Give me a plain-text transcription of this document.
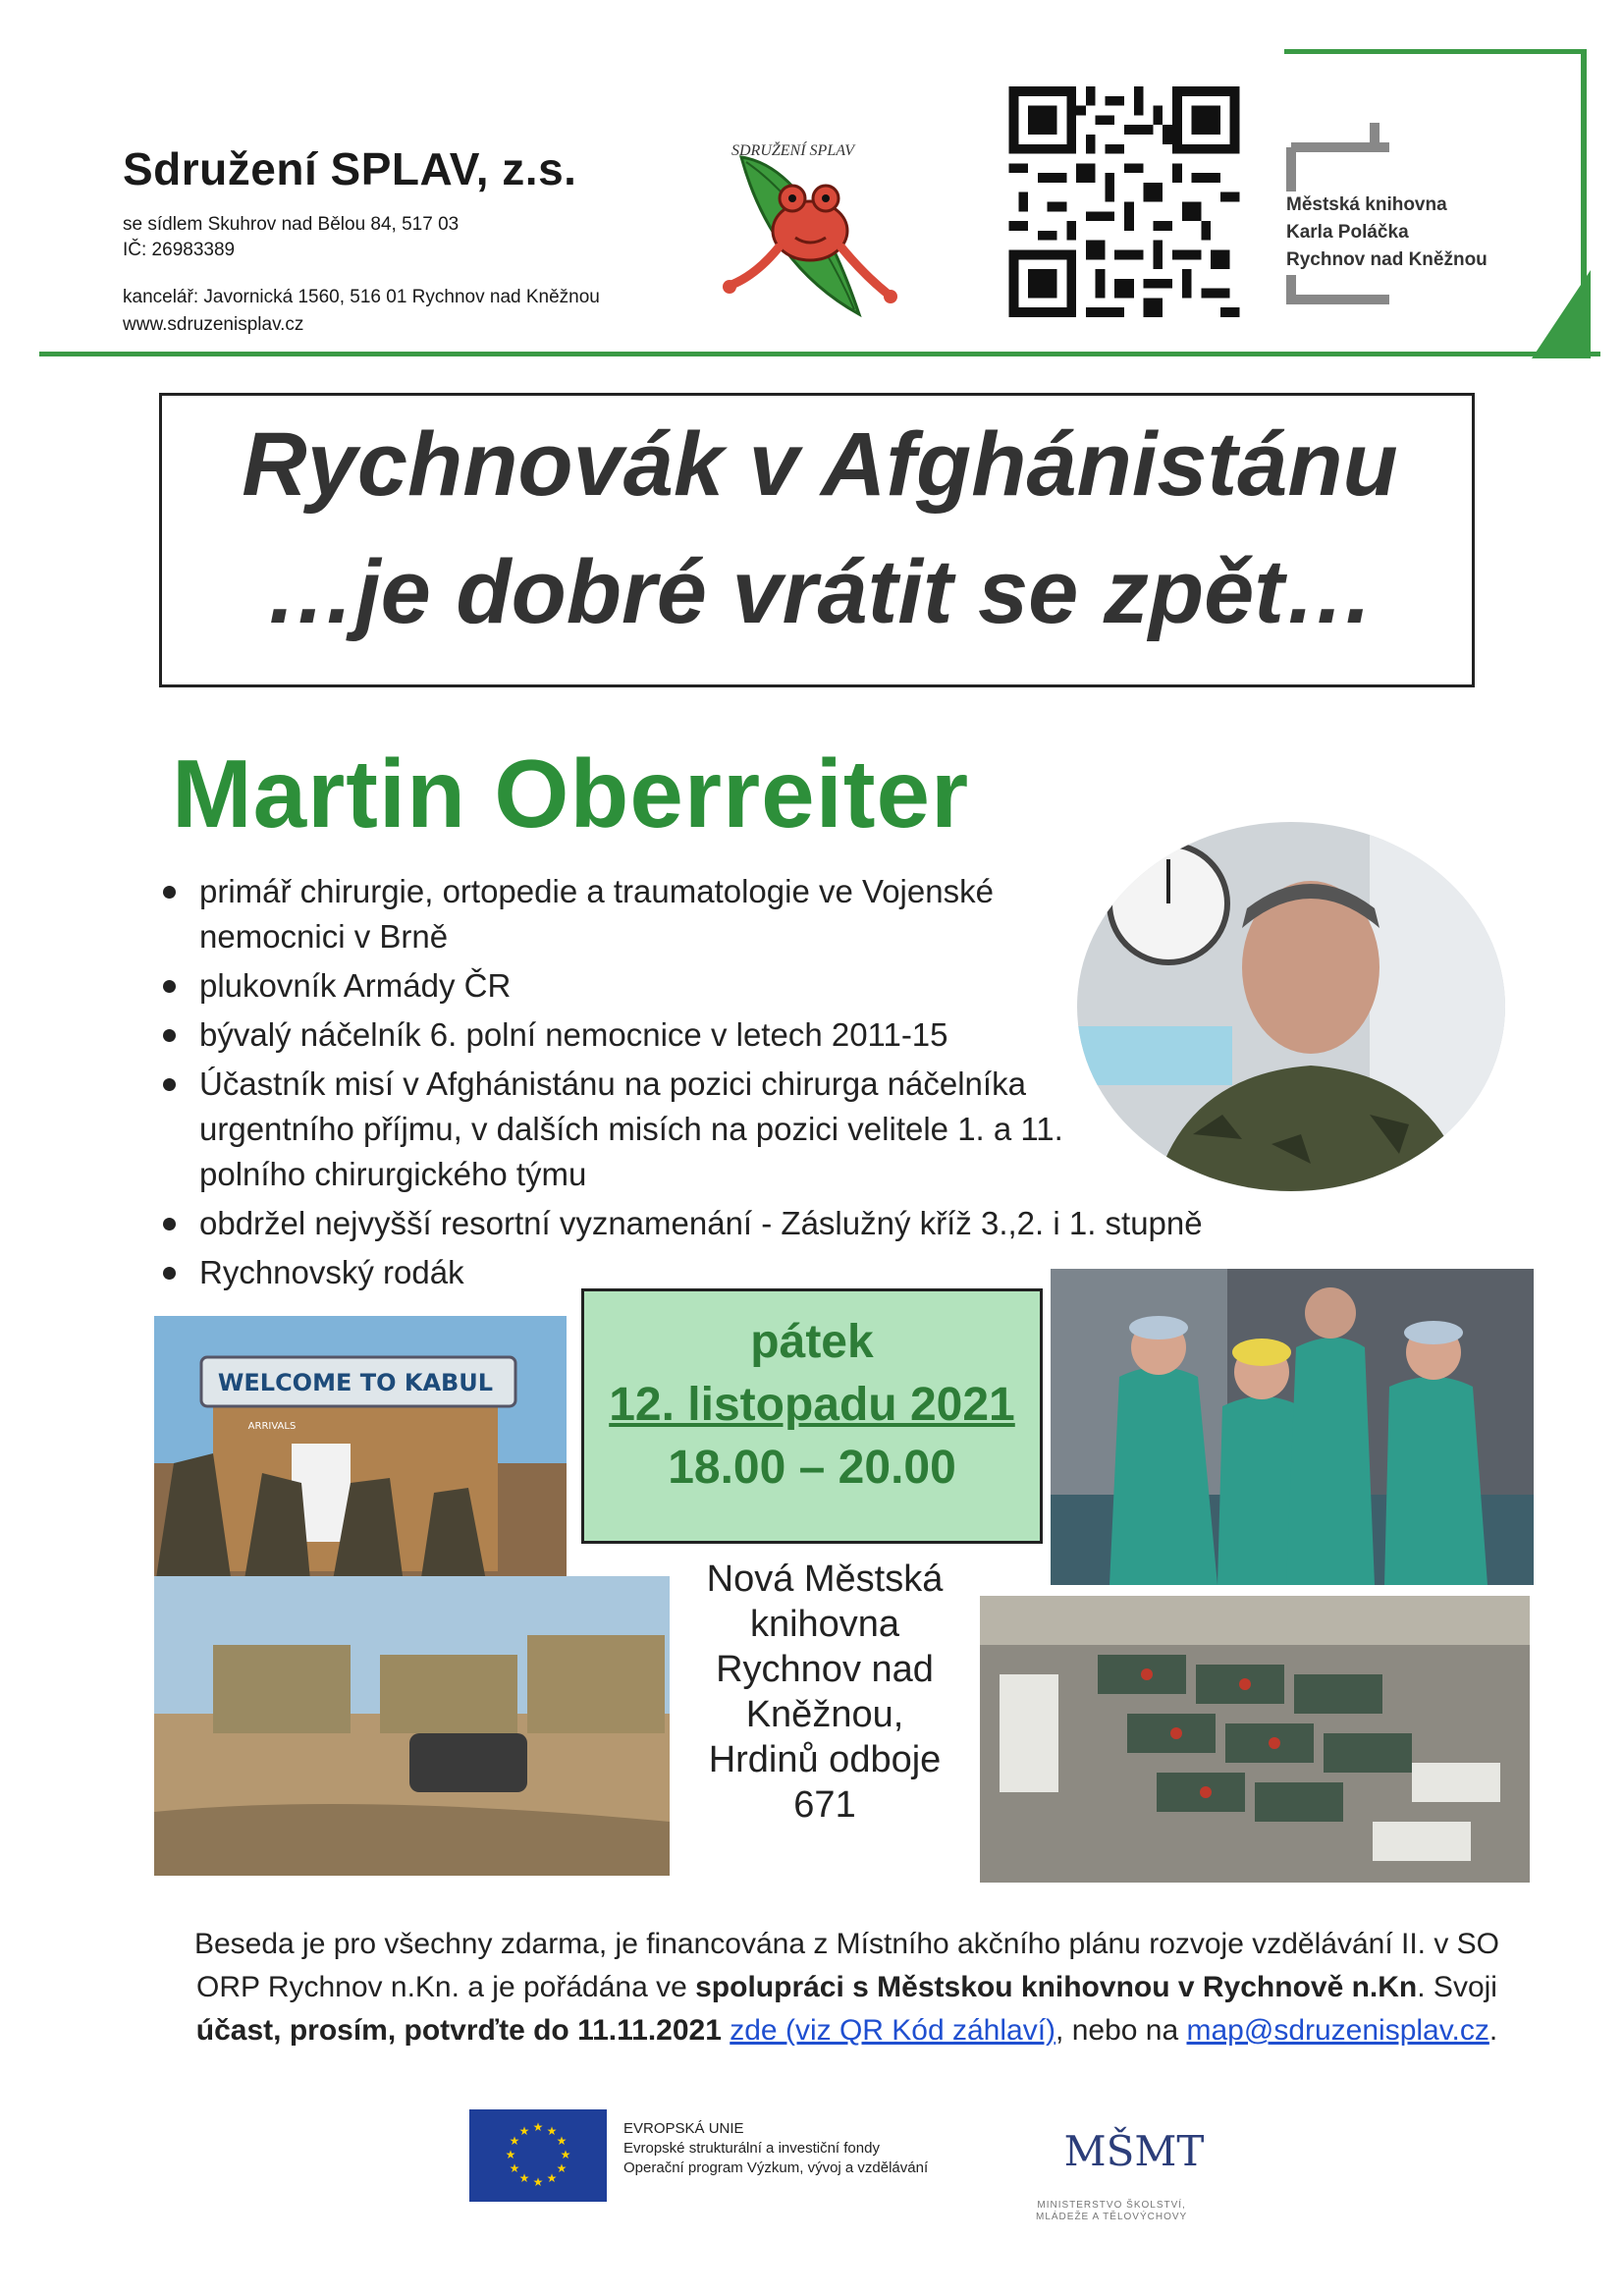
Sdružení SPLAV, z.s.
se sídlem Skuhrov nad Bělou 84, 517 03
IČ: 26983389
kancelář: Javornická 1560, 516 01 Rychnov nad Kněžnou
www.sdruzenisplav.cz
SDRUŽENÍ SPLAV
Městská knihovna
Karla Poláčka
Rychnov nad Kněžnou
Rychnovák v Afghánistánu
…je dobré vrátit se zpět…
Martin Oberreiter
primář chirurgie, ortopedie a traumatologie ve Vojenské nemocnici v Brně
plukovník Armády ČR
bývalý náčelník 6. polní nemocnice v letech 2011-15
Účastník misí v Afghánistánu na pozici chirurga náčelníka urgentního příjmu, v dalších misích na pozici velitele 1. a 11. polního chirurgického týmu
obdržel nejvyšší resortní vyznamenání - Záslužný kříž 3.,2. i 1. stupně
Rychnovský rodák
WELCOME TO KABUL
ARRIVALS
pátek
12. listopadu 2021
18.00 – 20.00
Nová Městská
knihovna
Rychnov nad
Kněžnou,
Hrdinů odboje
671
Beseda je pro všechny zdarma, je financována z Místního akčního plánu rozvoje vzdělávání II. v SO ORP Rychnov n.Kn. a je pořádána ve spolupráci s Městskou knihovnou v Rychnově n.Kn. Svoji účast, prosím, potvrďte do 11.11.2021 zde (viz QR Kód záhlaví), nebo na map@sdruzenisplav.cz.
★ ★
★
★
★
★
★
★
★
★
★
★	EVROPSKÁ UNIE
Evropské strukturální a investiční fondy
Operační program Výzkum, vývoj a vzdělávání	MŠMT
MINISTERSTVO ŠKOLSTVÍ,
MLÁDEŽE A TĚLOVÝCHOVY
